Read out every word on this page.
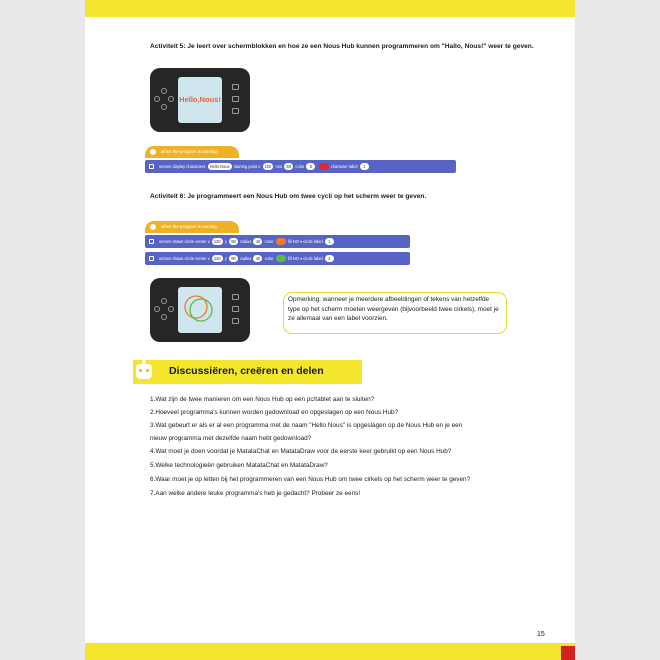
Activiteit 5: Je leert over schermblokken en hoe ze een Nous Hub kunnen programmeren om "Hallo, Nous!" weer te geven.
Hello,Nous!
when the program is running
screen display characters Hello,Nous starting point x 100 row 50 color 6	character label 1
Activiteit 6: Je programmeert een Nous Hub om twee cycli op het scherm weer te geven.
when the program is running
screen draws circle center x 120 y 90 radius 40 color	fill NO ▾ circle label 1
screen draws circle center x 120 y 90 radius 40 color	fill NO ▾ circle label 2
Opmerking: wanneer je meerdere afbeeldingen of tekens van hetzelfde type op het scherm moeten weergeven (bijvoorbeeld twee cirkels), moet je ze allemaal van een label voorzien.
Discussiëren, creëren en delen
1.Wat zijn de twee manieren om een Nous Hub op een pc/tablet aan te sluiten?
2.Hoeveel programma's kunnen worden gedownload en opgeslagen op een Nous Hub?
3.Wat gebeurt er als er al een programma met de naam "Hello Nous" is opgeslagen op de Nous Hub en je een
nieuw programma met dezelfde naam hebt gedownload?
4.Wat moet je doen voordat je MatataChat en MatataDraw voor de eerste keer gebruikt op een Nous Hub?
5.Welke technologieën gebruiken MatataChat en MatataDraw?
6.Waar moet je op letten bij het programmeren van een Nous Hub om twee cirkels op het scherm weer te geven?
7.Aan welke andere leuke programma's heb je gedacht? Probeer ze eens!
15
